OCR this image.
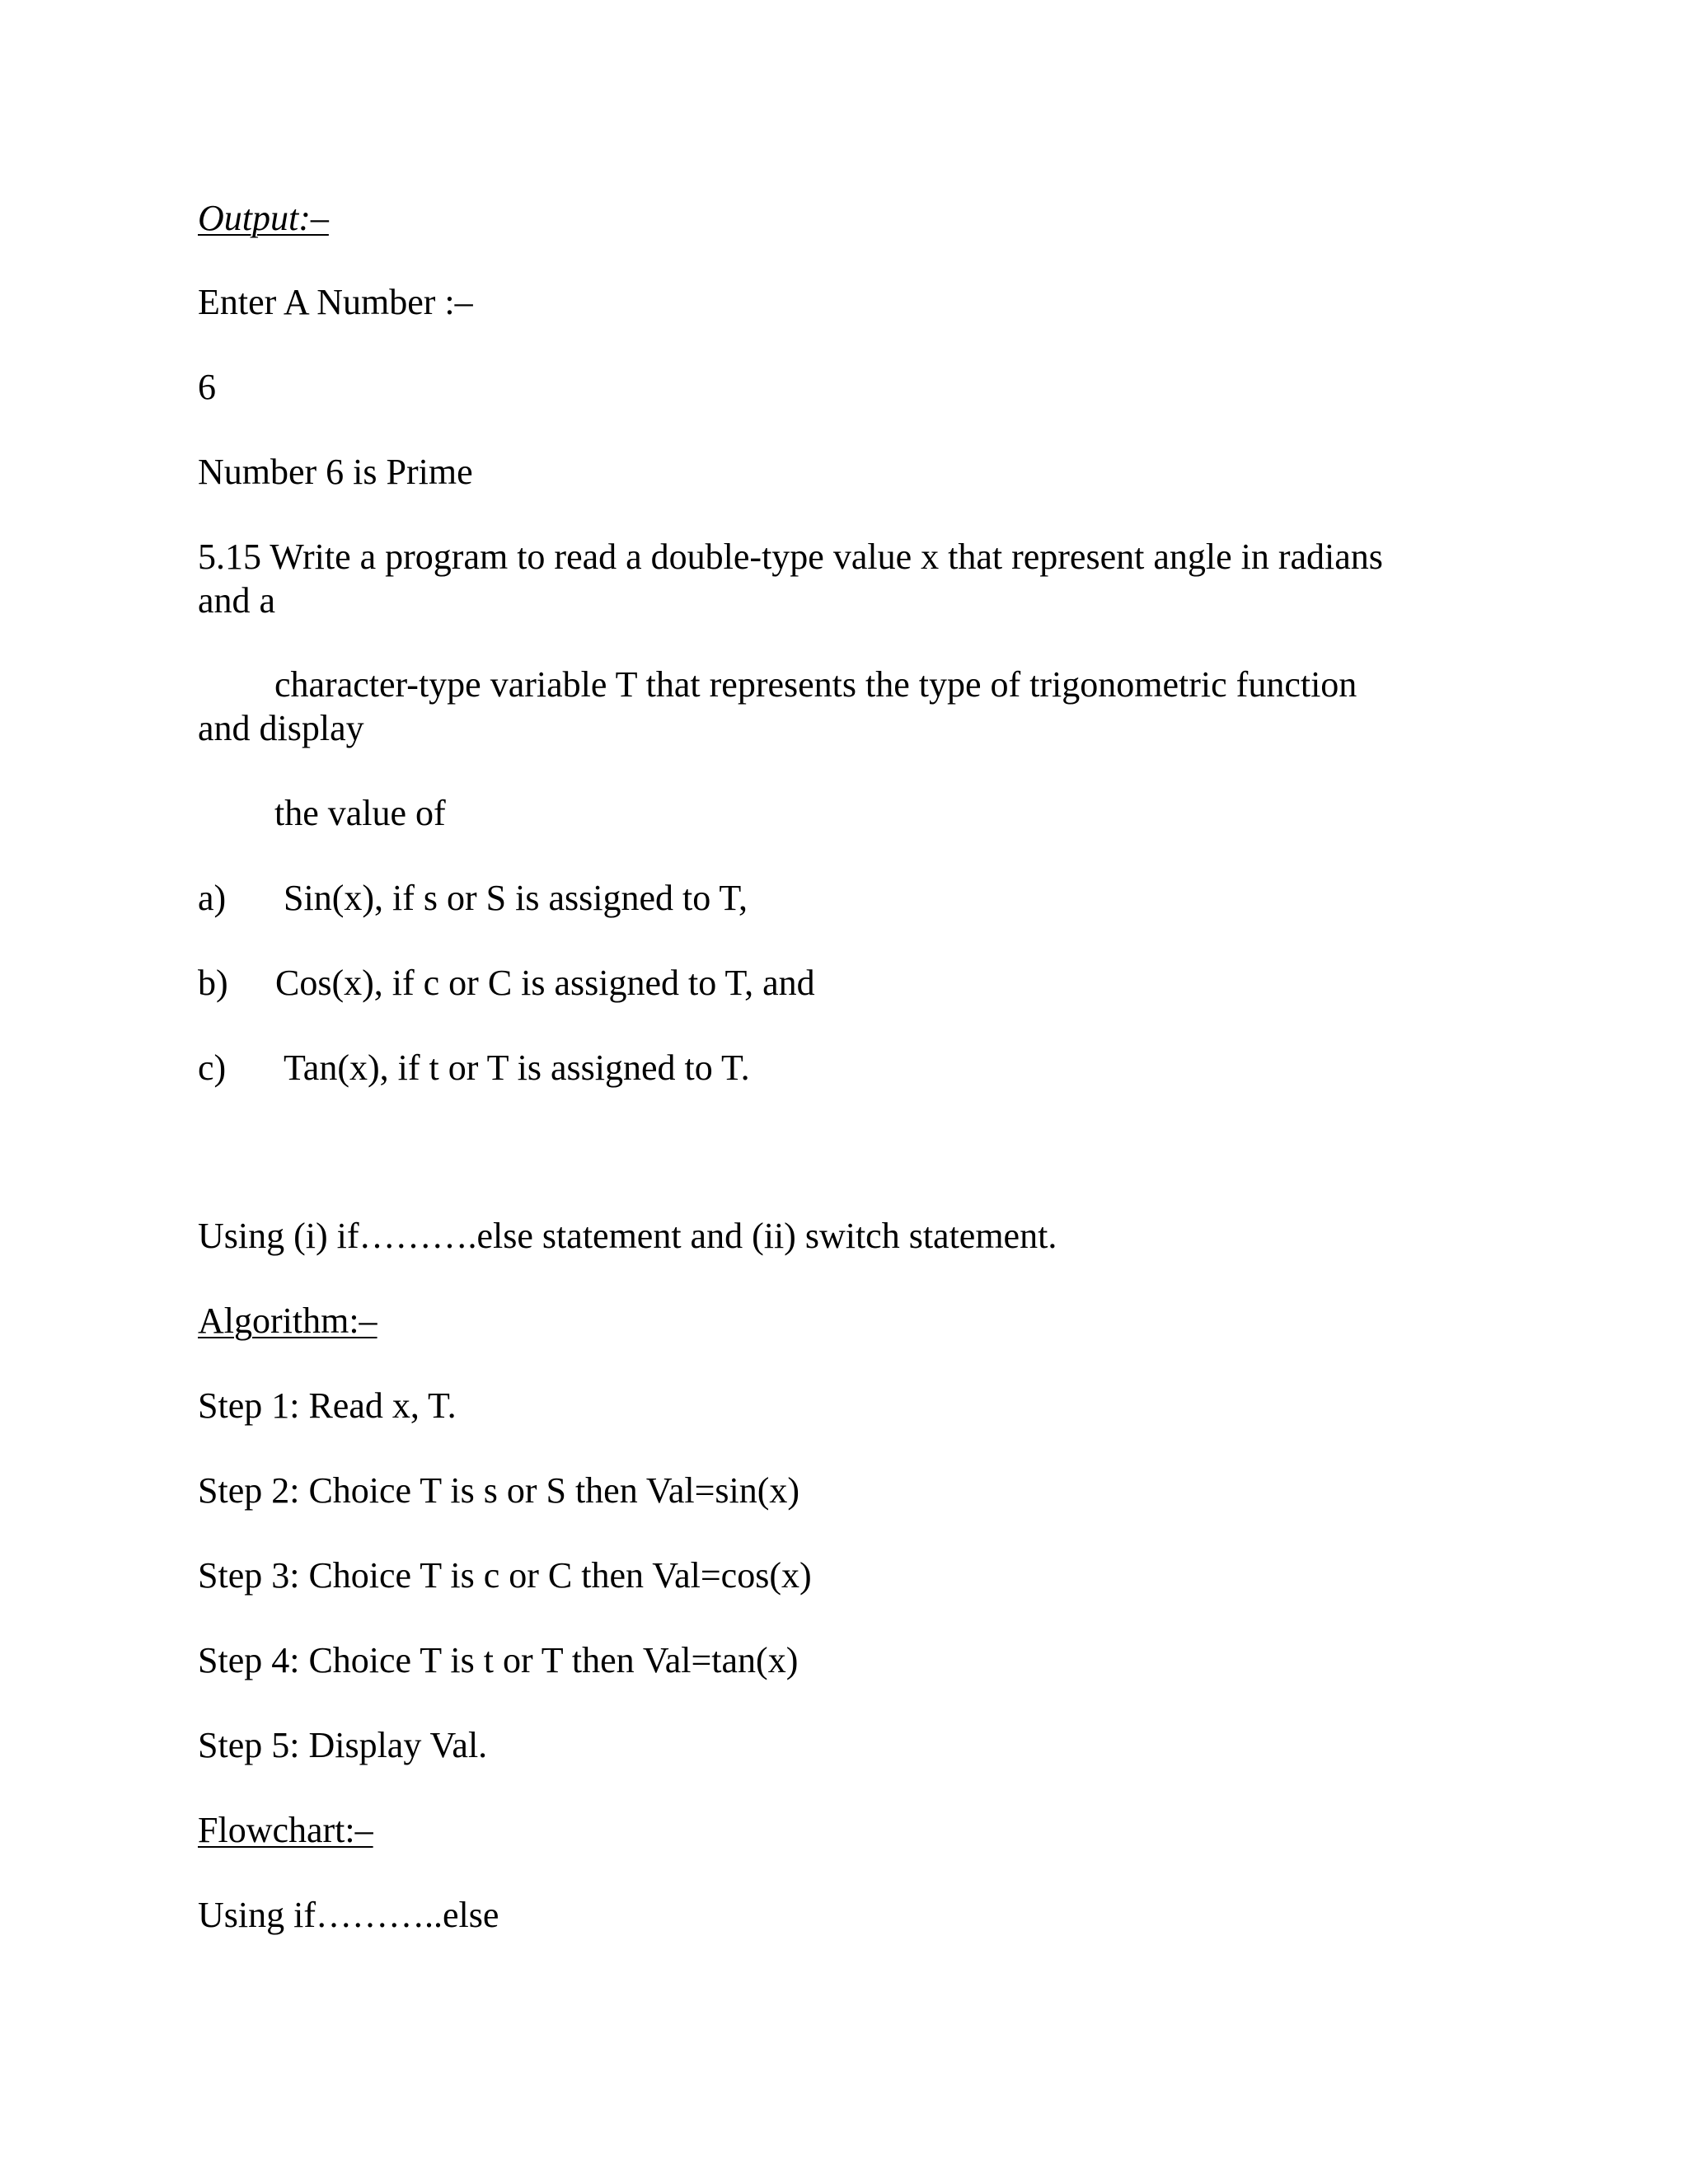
Output:–

Enter A Number :–

6

Number 6 is Prime

5.15 Write a program to read a double-type value x that represent angle in radians

and a

character-type variable T that represents the type of trigonometric function

and display

the value of

a) Sin(x), if s or S is assigned to T,
b) Cos(x), if c or C is assigned to T, and
c) Tan(x), if t or T is assigned to T.

Using (i) if……….else statement and (ii) switch statement.

Algorithm:–

Step 1: Read x, T.

Step 2: Choice T is s or S then Val=sin(x)

Step 3: Choice T is c or C then Val=cos(x)

Step 4: Choice T is t or T then Val=tan(x)

Step 5: Display Val.

Flowchart:–

Using if………..else
